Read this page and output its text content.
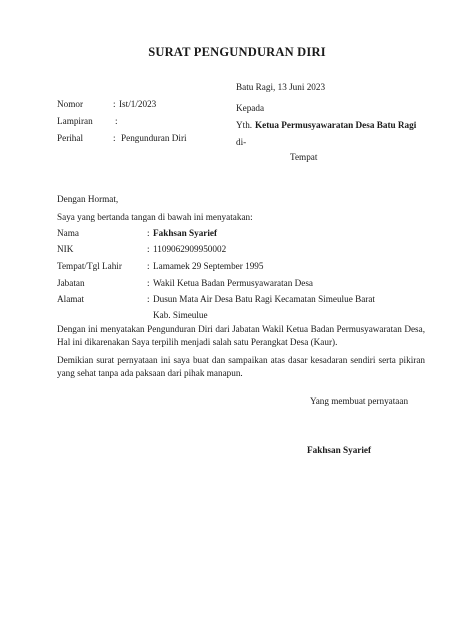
SURAT PENGUNDURAN DIRI
Batu Ragi, 13 Juni 2023
Nomor	: Ist/1/2023
Lampiran :
Perihal	: Pengunduran Diri
Kepada
Yth. Ketua Permusyawaratan Desa Batu Ragi
di-
Tempat
Dengan Hormat,
Saya yang bertanda tangan di bawah ini menyatakan:
Nama	: Fakhsan Syarief
NIK	: 1109062909950002
Tempat/Tgl Lahir	: Lamamek 29 September 1995
Jabatan	: Wakil Ketua Badan Permusyawaratan Desa
Alamat	: Dusun Mata Air Desa Batu Ragi Kecamatan Simeulue Barat
Kab. Simeulue
Dengan ini menyatakan Pengunduran Diri dari Jabatan Wakil Ketua Badan Permusyawaratan Desa, Hal ini dikarenakan Saya terpilih menjadi salah satu Perangkat Desa (Kaur).
Demikian surat pernyataan ini saya buat dan sampaikan atas dasar kesadaran sendiri serta pikiran yang sehat tanpa ada paksaan dari pihak manapun.
Yang membuat pernyataan
Fakhsan Syarief
